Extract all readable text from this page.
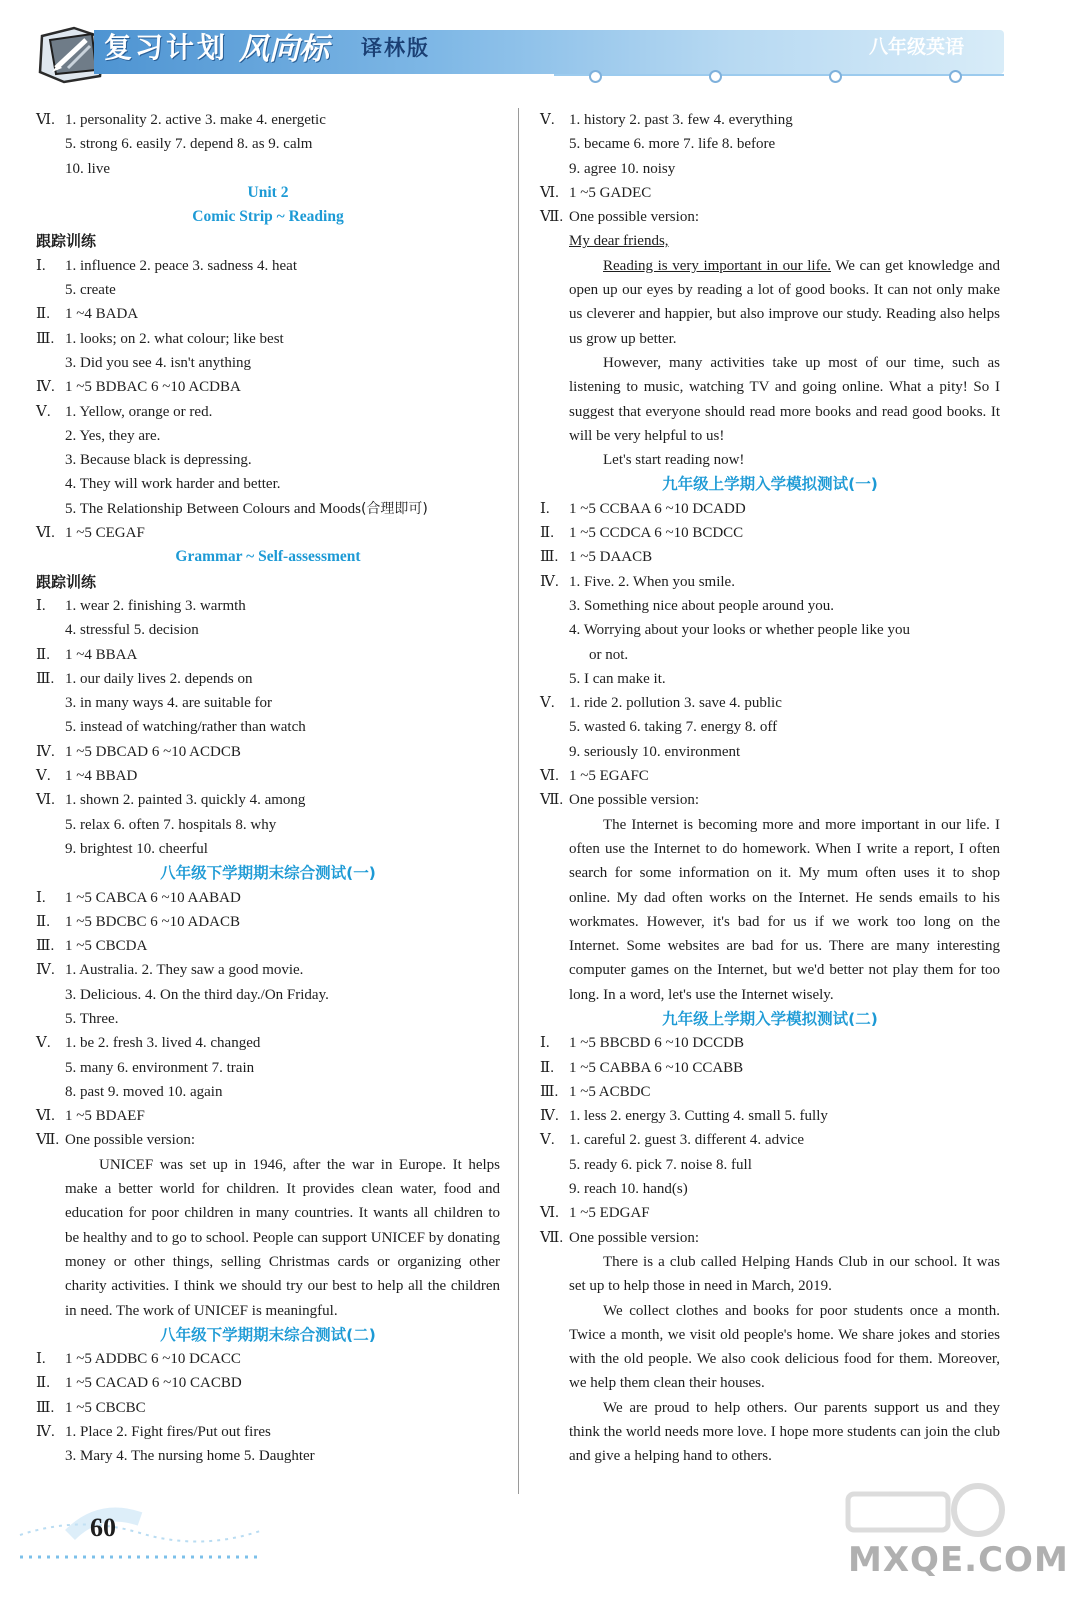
复习计划 风向标 译林版	八年级英语
Ⅵ. 1. personality 2. active 3. make 4. energetic
5. strong 6. easily 7. depend 8. as 9. calm
10. live
Unit 2
Comic Strip ~ Reading
跟踪训练
Ⅰ. 1. influence 2. peace 3. sadness 4. heat
5. create
Ⅱ. 1 ~4 BADA
Ⅲ. 1. looks; on 2. what colour; like best
3. Did you see 4. isn't anything
Ⅳ. 1 ~5 BDBAC 6 ~10 ACDBA
Ⅴ. 1. Yellow, orange or red.
2. Yes, they are.
3. Because black is depressing.
4. They will work harder and better.
5. The Relationship Between Colours and Moods(合理即可)
Ⅵ. 1 ~5 CEGAF
Grammar ~ Self-assessment
跟踪训练
Ⅰ. 1. wear 2. finishing 3. warmth
4. stressful 5. decision
Ⅱ. 1 ~4 BBAA
Ⅲ. 1. our daily lives 2. depends on
3. in many ways 4. are suitable for
5. instead of watching/rather than watch
Ⅳ. 1 ~5 DBCAD 6 ~10 ACDCB
Ⅴ. 1 ~4 BBAD
Ⅵ. 1. shown 2. painted 3. quickly 4. among
5. relax 6. often 7. hospitals 8. why
9. brightest 10. cheerful
八年级下学期期末综合测试(一)
Ⅰ. 1 ~5 CABCA 6 ~10 AABAD
Ⅱ. 1 ~5 BDCBC 6 ~10 ADACB
Ⅲ. 1 ~5 CBCDA
Ⅳ. 1. Australia. 2. They saw a good movie.
3. Delicious. 4. On the third day./On Friday.
5. Three.
Ⅴ. 1. be 2. fresh 3. lived 4. changed
5. many 6. environment 7. train
8. past 9. moved 10. again
Ⅵ. 1 ~5 BDAEF
Ⅶ. One possible version:

UNICEF was set up in 1946, after the war in Europe. It helps make a better world for children. It provides clean water, food and education for poor children in many countries. It wants all children to be healthy and to go to school. People can support UNICEF by donating money or other things, selling Christmas cards or organizing other charity activities. I think we should try our best to help all the children in need. The work of UNICEF is meaningful.

八年级下学期期末综合测试(二)
Ⅰ. 1 ~5 ADDBC 6 ~10 DCACC
Ⅱ. 1 ~5 CACAD 6 ~10 CACBD
Ⅲ. 1 ~5 CBCBC
Ⅳ. 1. Place 2. Fight fires/Put out fires
3. Mary 4. The nursing home 5. Daughter
Ⅴ. 1. history 2. past 3. few 4. everything
5. became 6. more 7. life 8. before
9. agree 10. noisy
Ⅵ. 1 ~5 GADEC
Ⅶ. One possible version:
My dear friends,

Reading is very important in our life. We can get knowledge and open up our eyes by reading a lot of good books. It can not only make us cleverer and happier, but also improve our study. Reading also helps us grow up better.

However, many activities take up most of our time, such as listening to music, watching TV and going online. What a pity! So I suggest that everyone should read more books and read good books. It will be very helpful to us!

Let's start reading now!

九年级上学期入学模拟测试(一)
Ⅰ. 1 ~5 CCBAA 6 ~10 DCADD
Ⅱ. 1 ~5 CCDCA 6 ~10 BCDCC
Ⅲ. 1 ~5 DAACB
Ⅳ. 1. Five. 2. When you smile.
3. Something nice about people around you.
4. Worrying about your looks or whether people like you
or not.
5. I can make it.
Ⅴ. 1. ride 2. pollution 3. save 4. public
5. wasted 6. taking 7. energy 8. off
9. seriously 10. environment
Ⅵ. 1 ~5 EGAFC
Ⅶ. One possible version:

The Internet is becoming more and more important in our life. I often use the Internet to do homework. When I write a report, I often search for some information on it. My mum often uses it to shop online. My dad often works on the Internet. He sends emails to his workmates. However, it's bad for us if we work too long on the Internet. Some websites are bad for us. There are many interesting computer games on the Internet, but we'd better not play them for too long. In a word, let's use the Internet wisely.

九年级上学期入学模拟测试(二)
Ⅰ. 1 ~5 BBCBD 6 ~10 DCCDB
Ⅱ. 1 ~5 CABBA 6 ~10 CCABB
Ⅲ. 1 ~5 ACBDC
Ⅳ. 1. less 2. energy 3. Cutting 4. small 5. fully
Ⅴ. 1. careful 2. guest 3. different 4. advice
5. ready 6. pick 7. noise 8. full
9. reach 10. hand(s)
Ⅵ. 1 ~5 EDGAF
Ⅶ. One possible version:

There is a club called Helping Hands Club in our school. It was set up to help those in need in March, 2019.

We collect clothes and books for poor students once a month. Twice a month, we visit old people's home. We share jokes and stories with the old people. We also cook delicious food for them. Moreover, we help them clean their houses.

We are proud to help others. Our parents support us and they think the world needs more love. I hope more students can join the club and give a helping hand to others.

60
MXQE.COM
